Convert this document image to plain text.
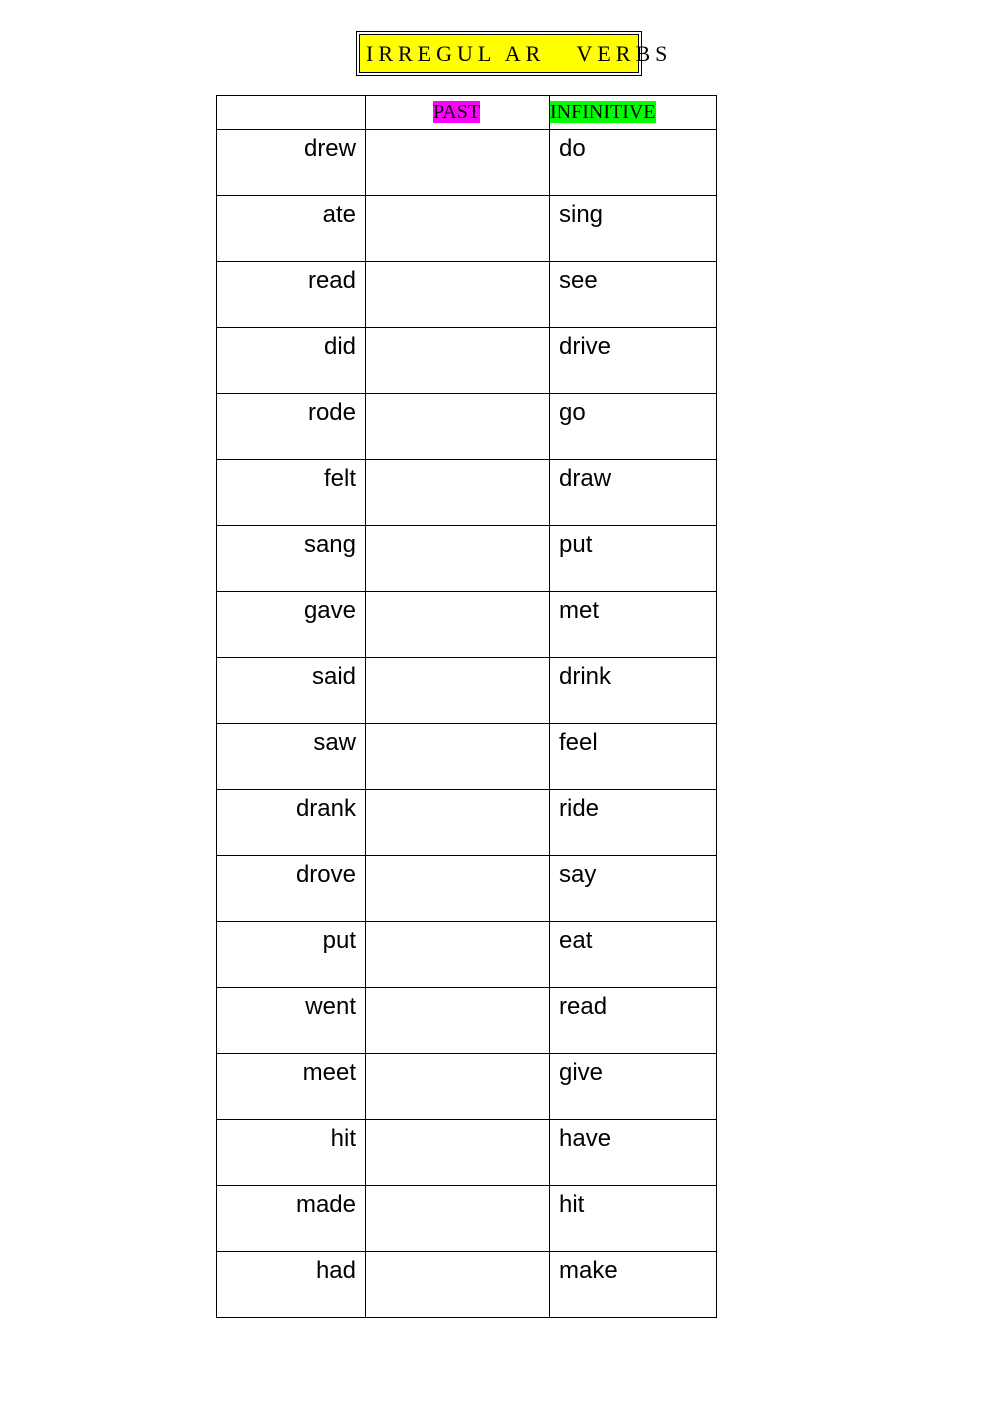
IRREGUL AR   VERBS
	PAST	INFINITIVE
drew		do
ate		sing
read		see
did		drive
rode		go
felt		draw
sang		put
gave		met
said		drink
saw		feel
drank		ride
drove		say
put		eat
went		read
meet		give
hit		have
made		hit
had		make
